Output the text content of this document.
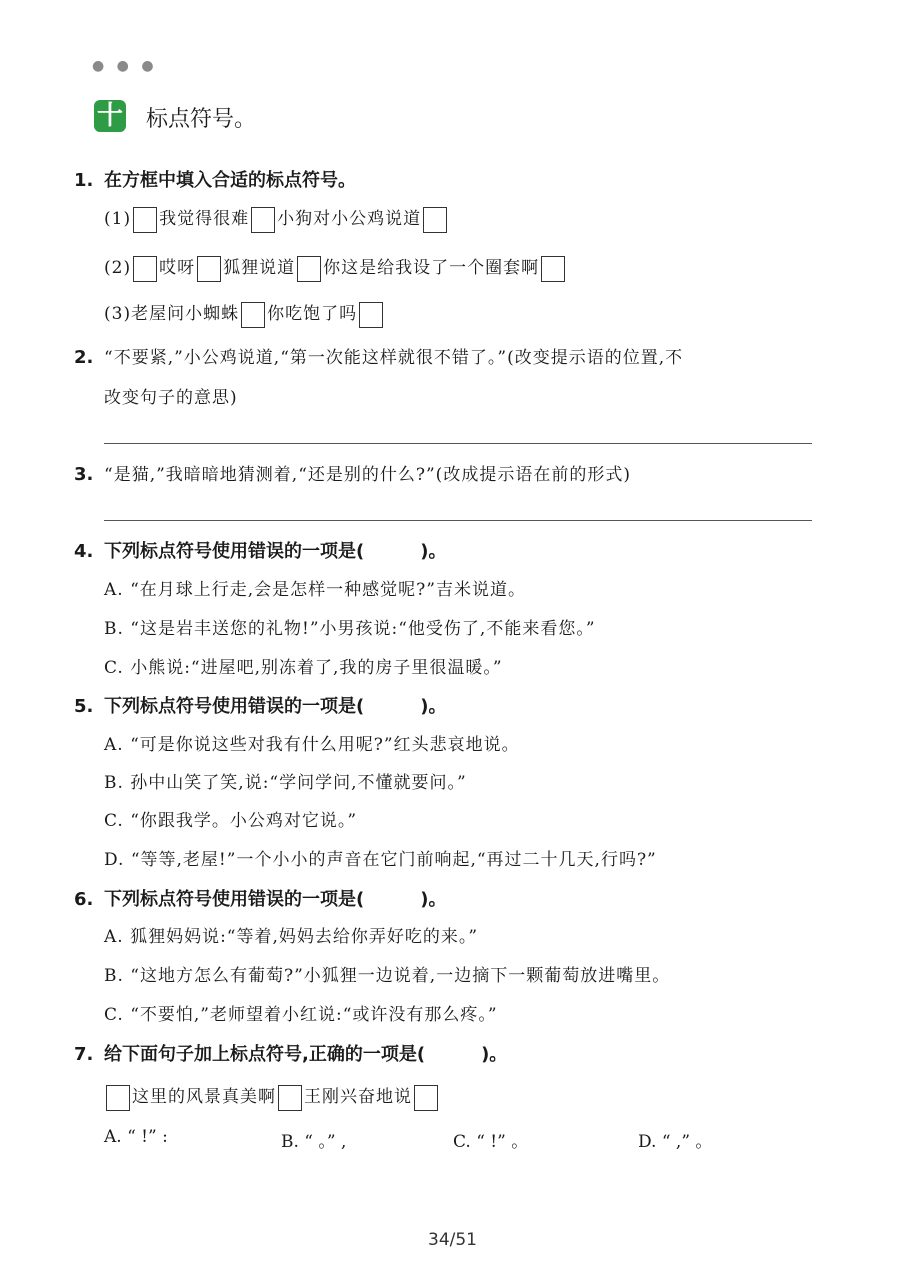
● ● ●
十 标点符号。
1. 在方框中填入合适的标点符号。
(1) 我觉得很难 小狗对小公鸡说道
(2) 哎呀 狐狸说道 你这是给我设了一个圈套啊
(3)老屋问小蜘蛛 你吃饱了吗
2. “不要紧,”小公鸡说道,“第一次能这样就很不错了。”(改变提示语的位置,不
改变句子的意思)
3. “是猫,”我暗暗地猜测着,“还是别的什么?”(改成提示语在前的形式)
4. 下列标点符号使用错误的一项是(	)。
A. “在月球上行走,会是怎样一种感觉呢?”吉米说道。
B. “这是岩丰送您的礼物!”小男孩说:“他受伤了,不能来看您。”
C. 小熊说:“进屋吧,别冻着了,我的房子里很温暖。”
5. 下列标点符号使用错误的一项是(	)。
A. “可是你说这些对我有什么用呢?”红头悲哀地说。
B. 孙中山笑了笑,说:“学问学问,不懂就要问。”
C. “你跟我学。小公鸡对它说。”
D. “等等,老屋!”一个小小的声音在它门前响起,“再过二十几天,行吗?”
6. 下列标点符号使用错误的一项是(	)。
A. 狐狸妈妈说:“等着,妈妈去给你弄好吃的来。”
B. “这地方怎么有葡萄?”小狐狸一边说着,一边摘下一颗葡萄放进嘴里。
C. “不要怕,”老师望着小红说:“或许没有那么疼。”
7. 给下面句子加上标点符号,正确的一项是(	)。
这里的风景真美啊 王刚兴奋地说
A. “ !” :	B. “ 。” ,	C. “ !” 。	D. “ ,” 。
34/51
